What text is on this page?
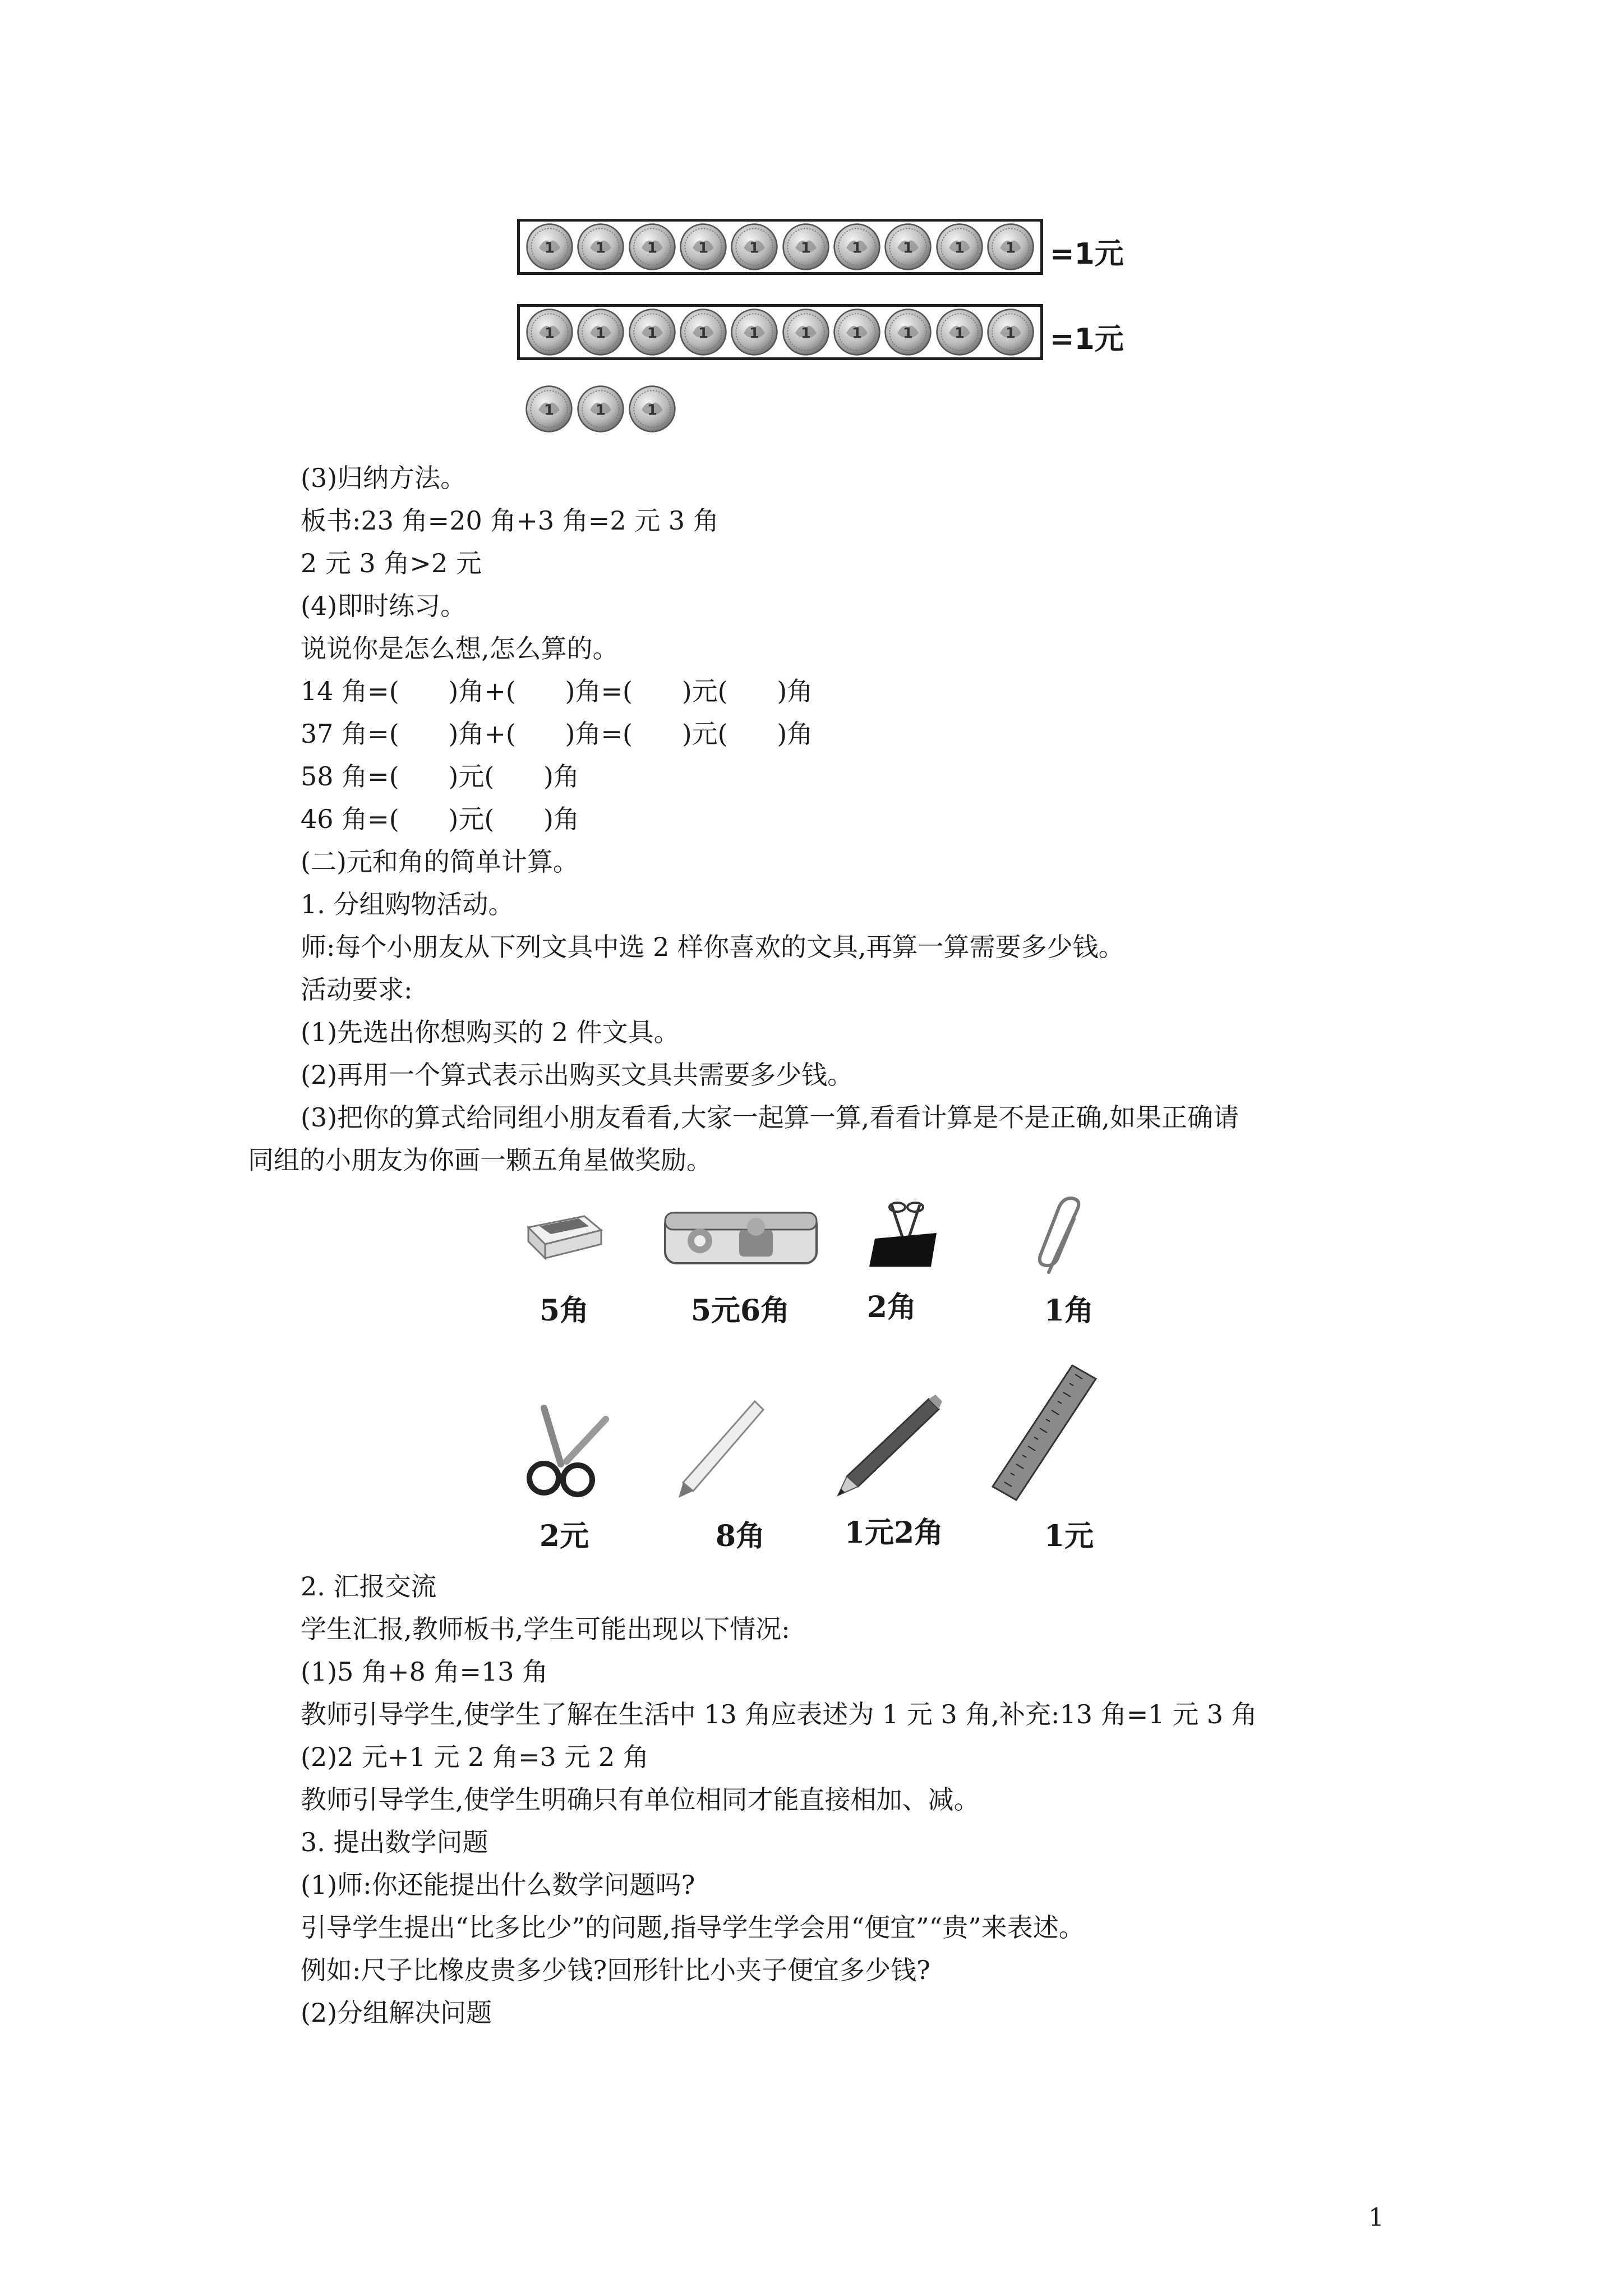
=1元
=1元
(3)归纳方法。
板书:23 角=20 角+3 角=2 元 3 角
2 元 3 角>2 元
(4)即时练习。
说说你是怎么想,怎么算的。
14 角=(      )角+(      )角=(      )元(      )角
37 角=(      )角+(      )角=(      )元(      )角
58 角=(      )元(      )角
46 角=(      )元(      )角
(二)元和角的简单计算。
1. 分组购物活动。
师:每个小朋友从下列文具中选 2 样你喜欢的文具,再算一算需要多少钱。
活动要求:
(1)先选出你想购买的 2 件文具。
(2)再用一个算式表示出购买文具共需要多少钱。
(3)把你的算式给同组小朋友看看,大家一起算一算,看看计算是不是正确,如果正确请
同组的小朋友为你画一颗五角星做奖励。
5角	5元6角	2角	1角
2元	8角	1元2角	1元
2. 汇报交流
学生汇报,教师板书,学生可能出现以下情况:
(1)5 角+8 角=13 角
教师引导学生,使学生了解在生活中 13 角应表述为 1 元 3 角,补充:13 角=1 元 3 角
(2)2 元+1 元 2 角=3 元 2 角
教师引导学生,使学生明确只有单位相同才能直接相加、减。
3. 提出数学问题
(1)师:你还能提出什么数学问题吗?
引导学生提出“比多比少”的问题,指导学生学会用“便宜”“贵”来表述。
例如:尺子比橡皮贵多少钱?回形针比小夹子便宜多少钱?
(2)分组解决问题
1
